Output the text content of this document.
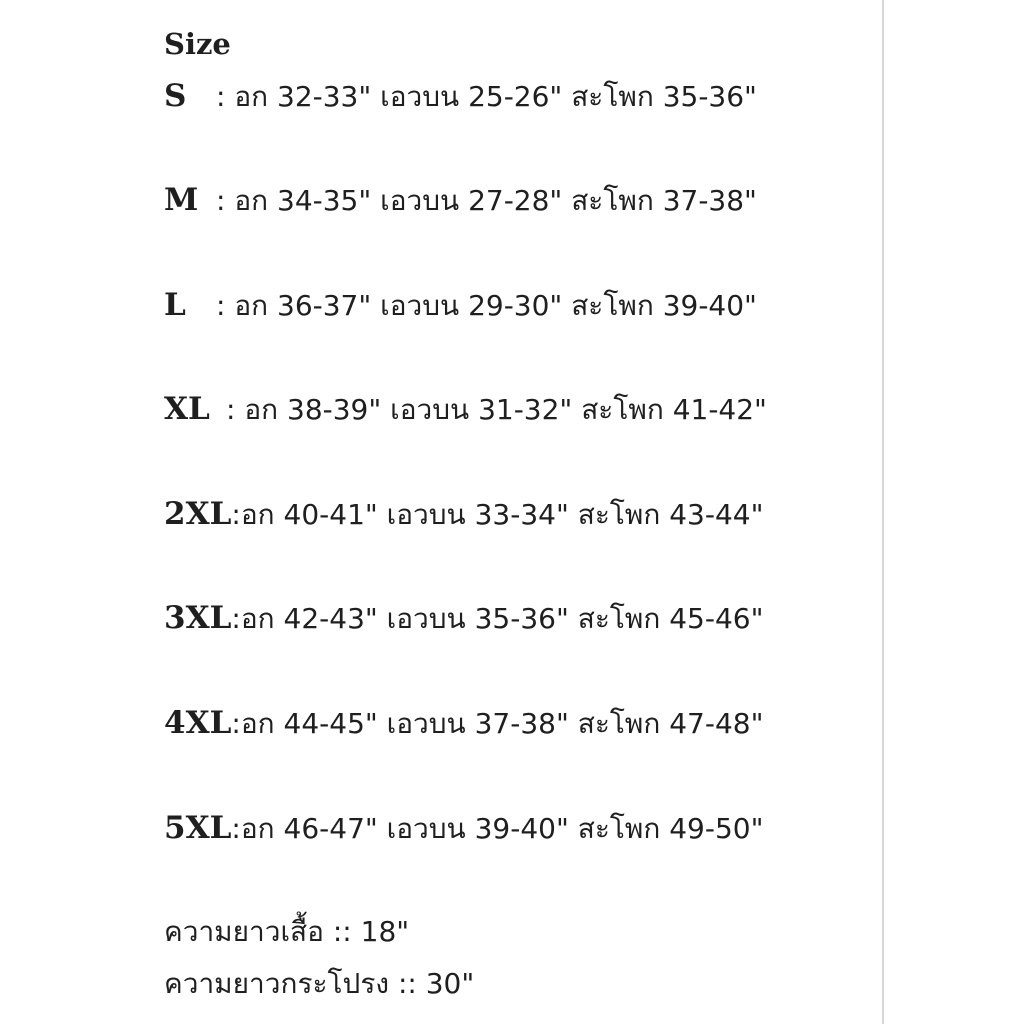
Size
S : อก 32-33" เอวบน 25-26" สะโพก 35-36"
M : อก 34-35" เอวบน 27-28" สะโพก 37-38"
L : อก 36-37" เอวบน 29-30" สะโพก 39-40"
XL : อก 38-39" เอวบน 31-32" สะโพก 41-42"
2XL:อก 40-41" เอวบน 33-34" สะโพก 43-44"
3XL:อก 42-43" เอวบน 35-36" สะโพก 45-46"
4XL:อก 44-45" เอวบน 37-38" สะโพก 47-48"
5XL:อก 46-47" เอวบน 39-40" สะโพก 49-50"
ความยาวเสื้อ :: 18"
ความยาวกระโปรง :: 30"
